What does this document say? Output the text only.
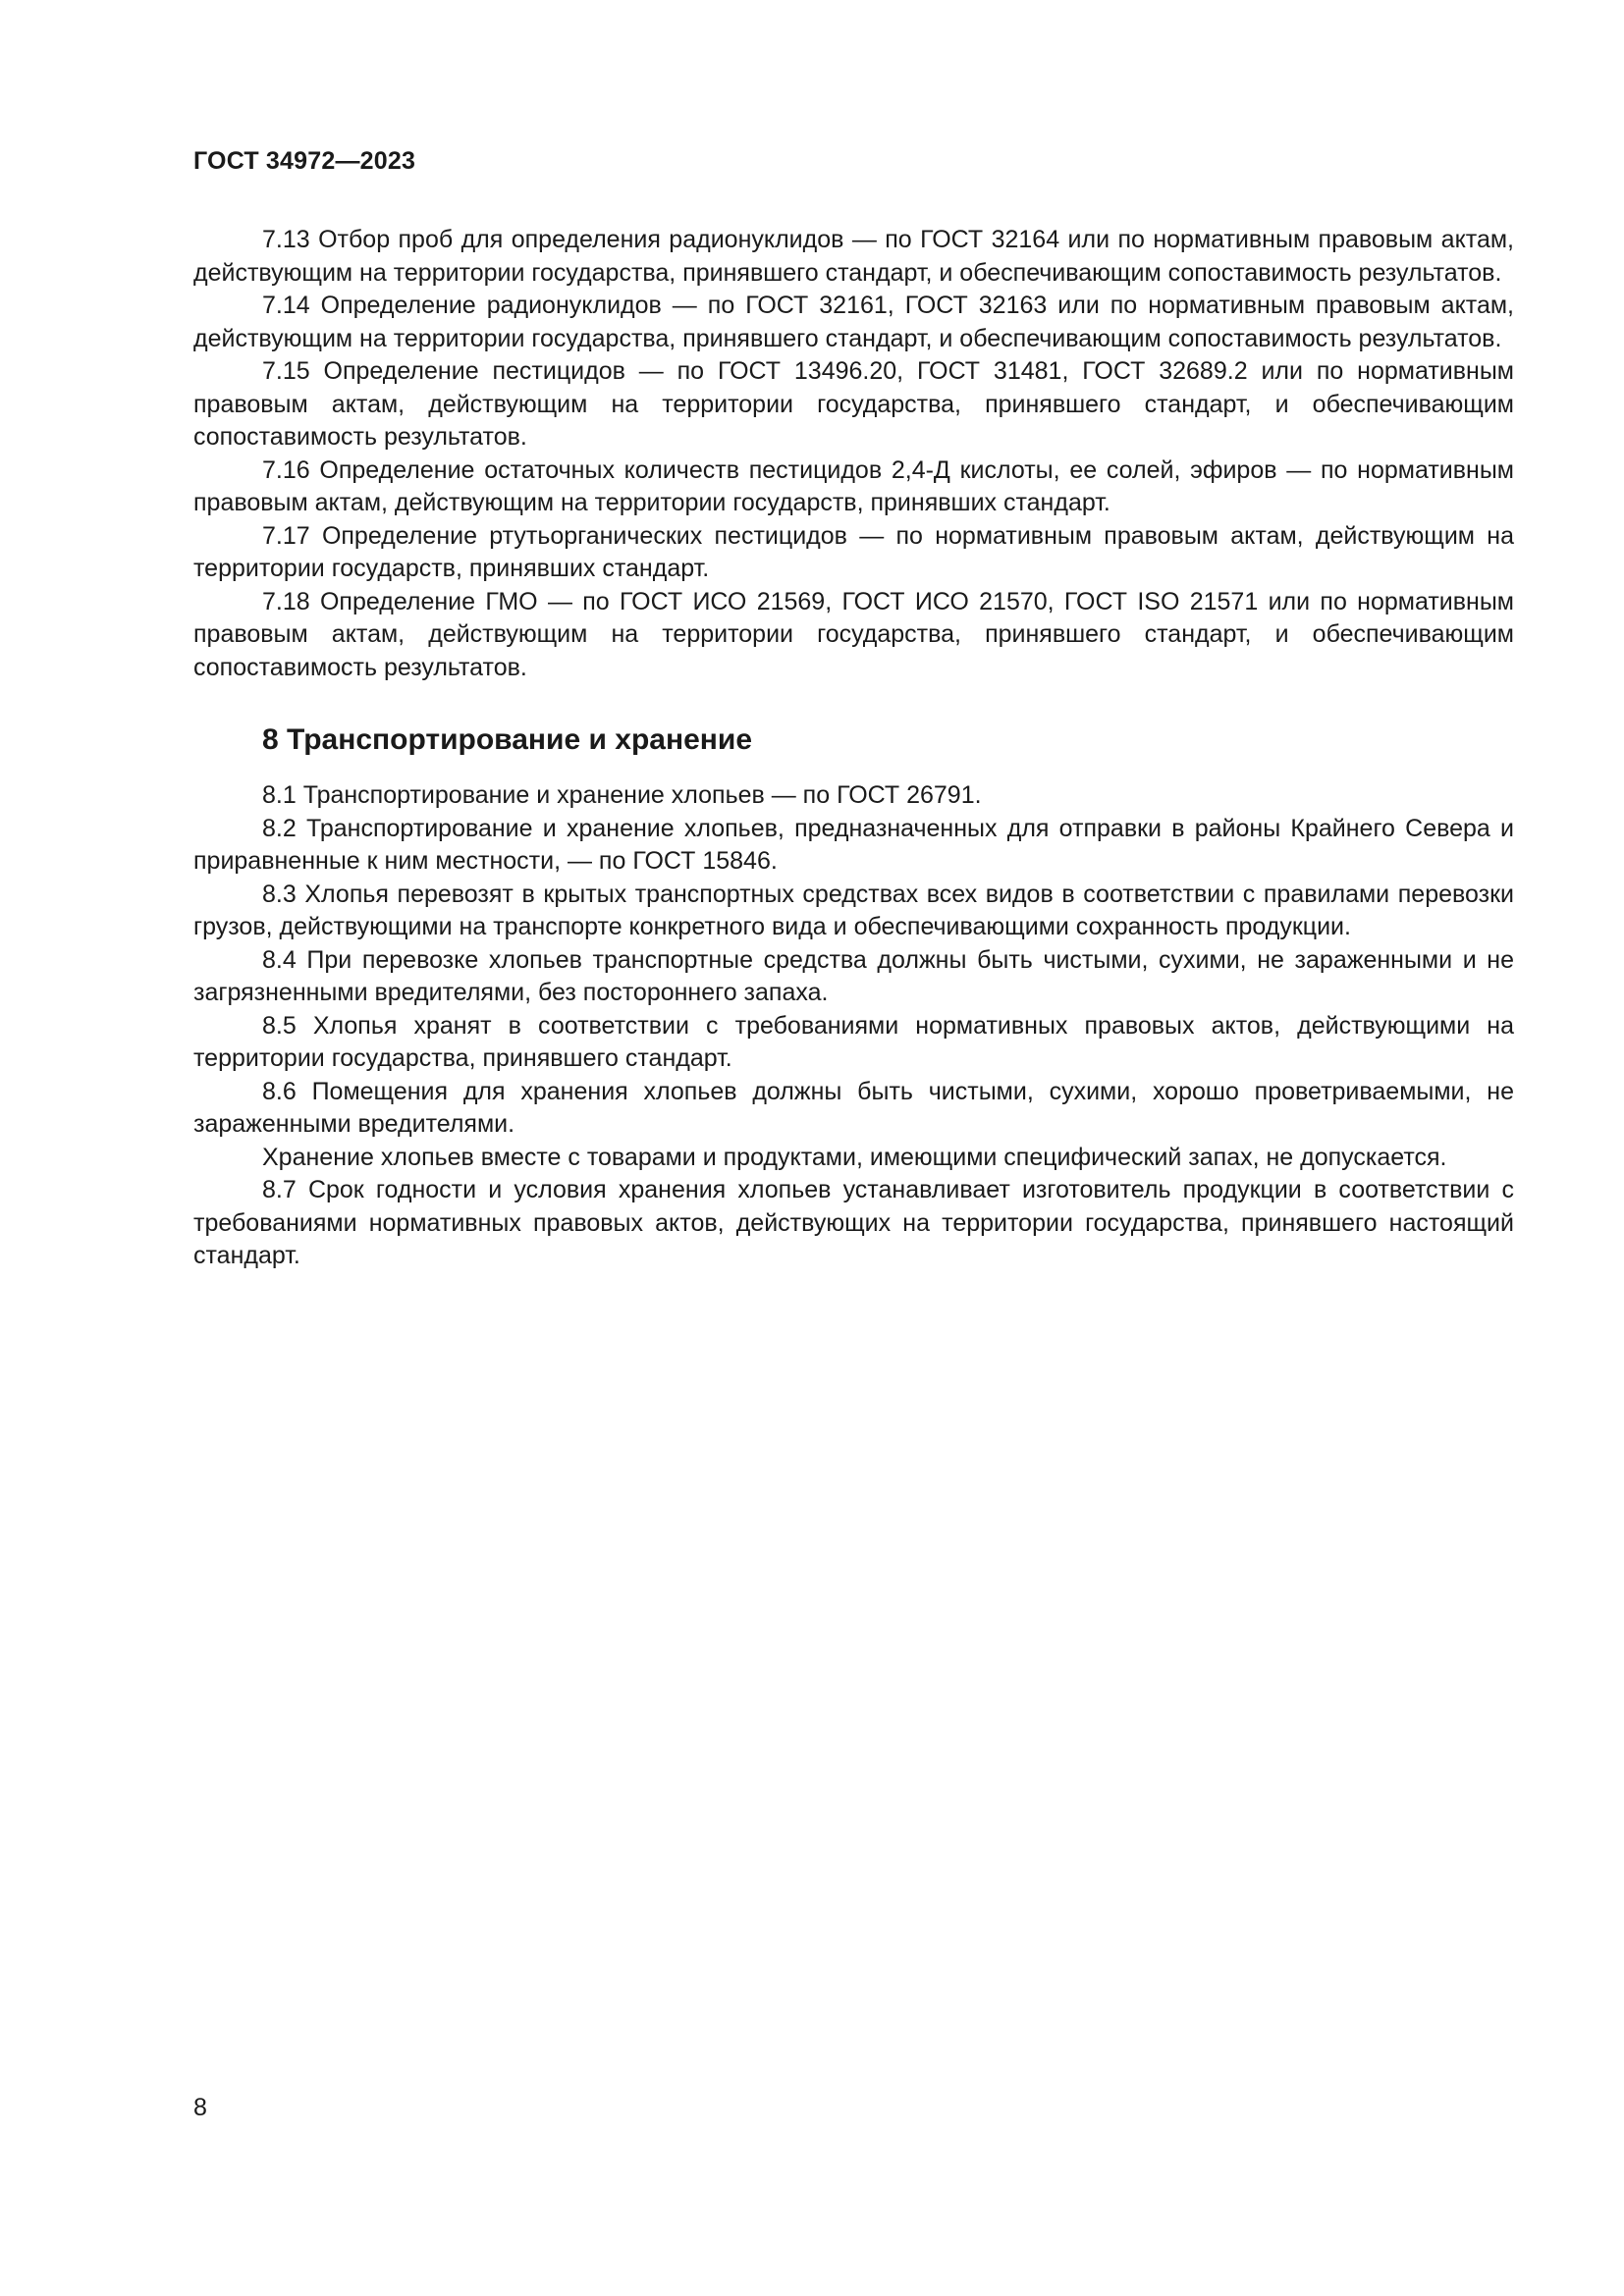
ГОСТ 34972—2023

7.13 Отбор проб для определения радионуклидов — по ГОСТ 32164 или по нормативным правовым актам, действующим на территории государства, принявшего стандарт, и обеспечивающим сопоставимость результатов.

7.14 Определение радионуклидов — по ГОСТ 32161, ГОСТ 32163 или по нормативным правовым актам, действующим на территории государства, принявшего стандарт, и обеспечивающим сопоставимость результатов.

7.15 Определение пестицидов — по ГОСТ 13496.20, ГОСТ 31481, ГОСТ 32689.2 или по нормативным правовым актам, действующим на территории государства, принявшего стандарт, и обеспечивающим сопоставимость результатов.

7.16 Определение остаточных количеств пестицидов 2,4-Д кислоты, ее солей, эфиров — по нормативным правовым актам, действующим на территории государств, принявших стандарт.

7.17 Определение ртутьорганических пестицидов — по нормативным правовым актам, действующим на территории государств, принявших стандарт.

7.18 Определение ГМО — по ГОСТ ИСО 21569, ГОСТ ИСО 21570, ГОСТ ISO 21571 или по нормативным правовым актам, действующим на территории государства, принявшего стандарт, и обеспечивающим сопоставимость результатов.

8 Транспортирование и хранение

8.1 Транспортирование и хранение хлопьев — по ГОСТ 26791.

8.2 Транспортирование и хранение хлопьев, предназначенных для отправки в районы Крайнего Севера и приравненные к ним местности, — по ГОСТ 15846.

8.3 Хлопья перевозят в крытых транспортных средствах всех видов в соответствии с правилами перевозки грузов, действующими на транспорте конкретного вида и обеспечивающими сохранность продукции.

8.4 При перевозке хлопьев транспортные средства должны быть чистыми, сухими, не зараженными и не загрязненными вредителями, без постороннего запаха.

8.5 Хлопья хранят в соответствии с требованиями нормативных правовых актов, действующими на территории государства, принявшего стандарт.

8.6 Помещения для хранения хлопьев должны быть чистыми, сухими, хорошо проветриваемыми, не зараженными вредителями.

Хранение хлопьев вместе с товарами и продуктами, имеющими специфический запах, не допускается.

8.7 Срок годности и условия хранения хлопьев устанавливает изготовитель продукции в соответствии с требованиями нормативных правовых актов, действующих на территории государства, принявшего настоящий стандарт.

8
